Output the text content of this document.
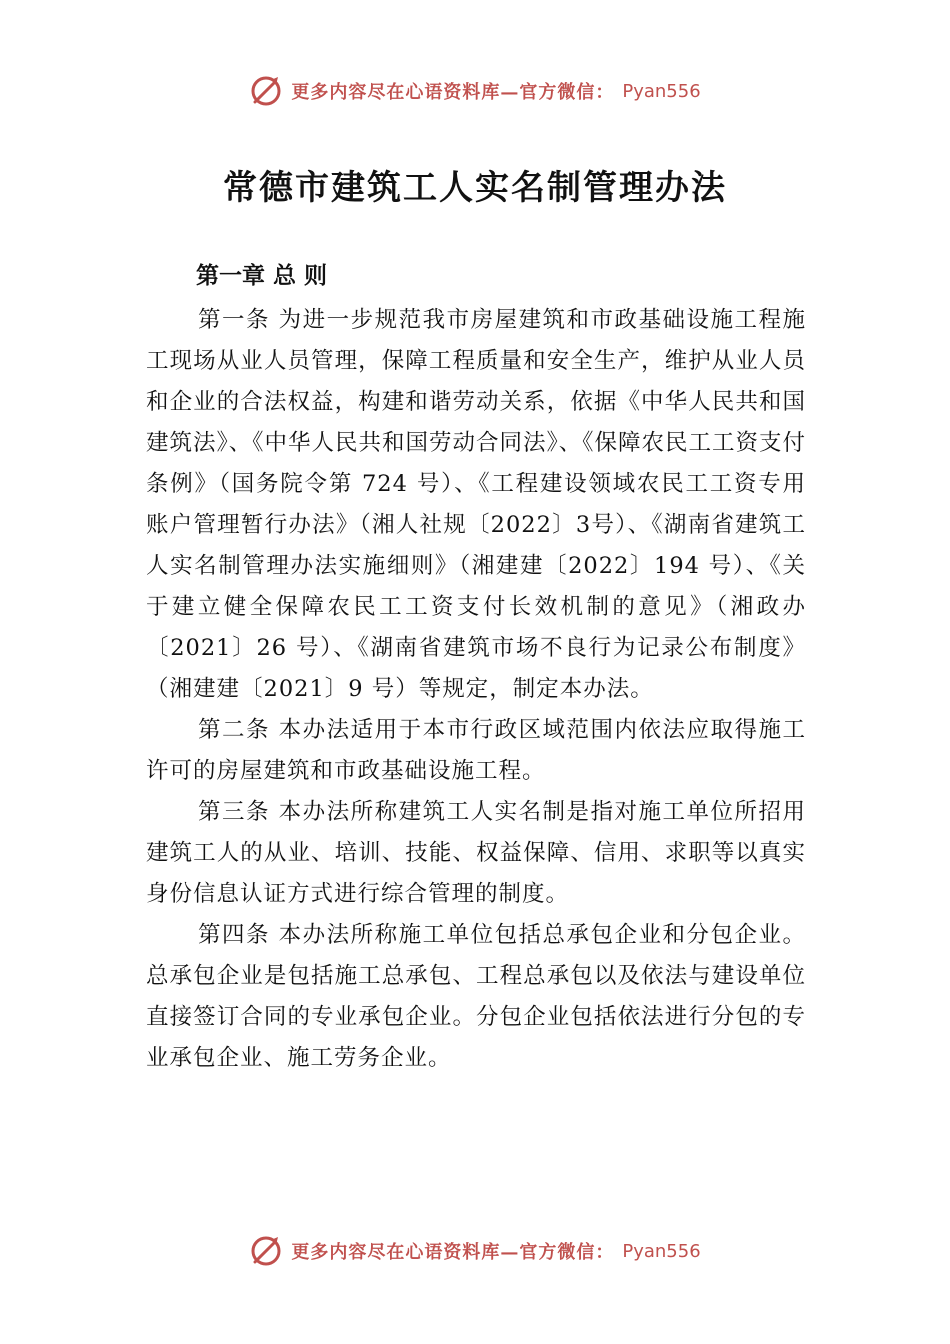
更多内容尽在心语资料库—官方微信： Pyan556
常德市建筑工人实名制管理办法
第一章 总 则

第一条 为进一步规范我市房屋建筑和市政基础设施工程施工现场从业人员管理，保障工程质量和安全生产，维护从业人员和企业的合法权益，构建和谐劳动关系，依据《中华人民共和国建筑法》、《中华人民共和国劳动合同法》、《保障农民工工资支付条例》（国务院令第 724 号）、《工程建设领域农民工工资专用账户管理暂行办法》（湘人社规〔2022〕3号）、《湖南省建筑工人实名制管理办法实施细则》（湘建建〔2022〕194 号）、《关于建立健全保障农民工工资支付长效机制的意见》（湘政办〔2021〕26 号）、《湖南省建筑市场不良行为记录公布制度》（湘建建〔2021〕9 号）等规定，制定本办法。

第二条 本办法适用于本市行政区域范围内依法应取得施工许可的房屋建筑和市政基础设施工程。

第三条 本办法所称建筑工人实名制是指对施工单位所招用建筑工人的从业、培训、技能、权益保障、信用、求职等以真实身份信息认证方式进行综合管理的制度。

第四条 本办法所称施工单位包括总承包企业和分包企业。总承包企业是包括施工总承包、工程总承包以及依法与建设单位直接签订合同的专业承包企业。分包企业包括依法进行分包的专业承包企业、施工劳务企业。

更多内容尽在心语资料库—官方微信： Pyan556
